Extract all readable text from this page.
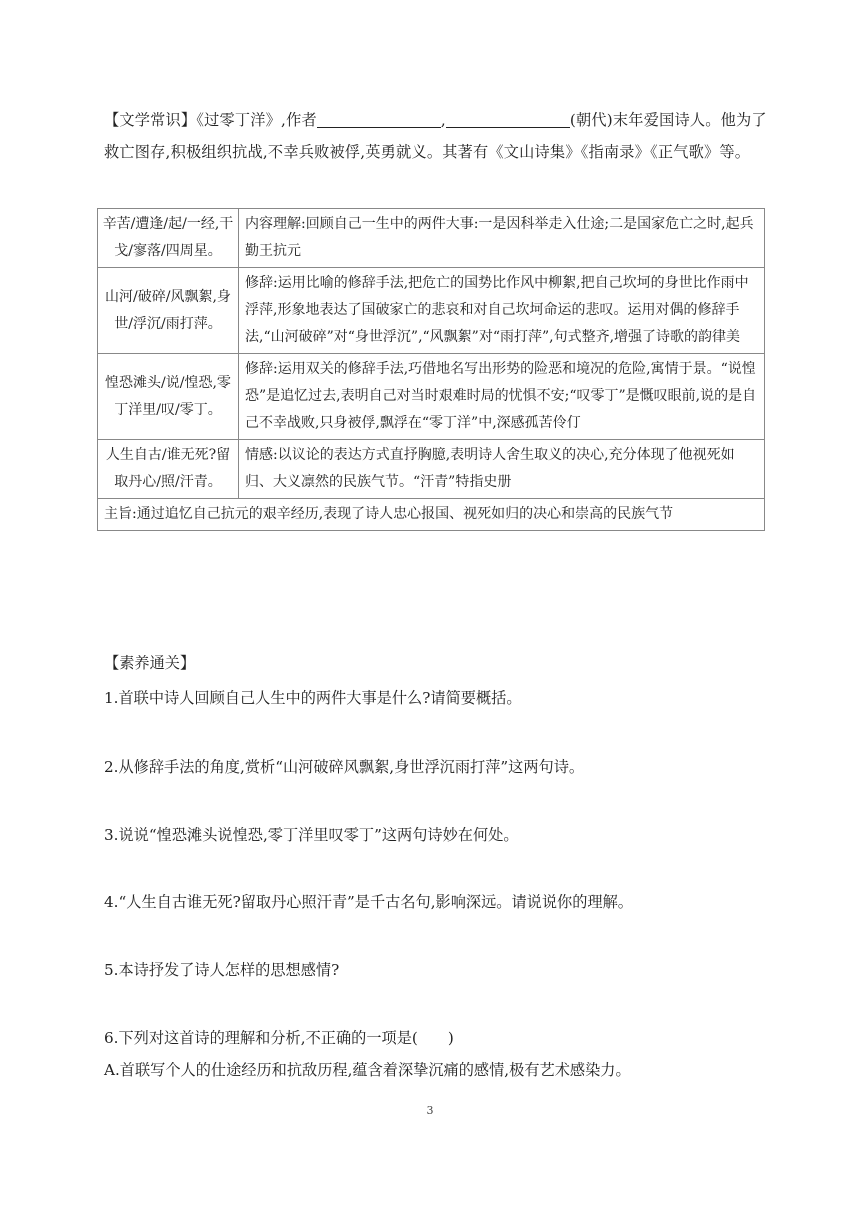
【文学常识】《过零丁洋》,作者	,	(朝代)末年爱国诗人。他为了救亡图存,积极组织抗战,不幸兵败被俘,英勇就义。其著有《文山诗集》《指南录》《正气歌》等。
辛苦/遭逢/起/一经,干戈/寥落/四周星。	内容理解:回顾自己一生中的两件大事:一是因科举走入仕途;二是国家危亡之时,起兵勤王抗元
山河/破碎/风飘絮,身世/浮沉/雨打萍。	修辞:运用比喻的修辞手法,把危亡的国势比作风中柳絮,把自己坎坷的身世比作雨中浮萍,形象地表达了国破家亡的悲哀和对自己坎坷命运的悲叹。运用对偶的修辞手法,“山河破碎”对“身世浮沉”,“风飘絮”对“雨打萍”,句式整齐,增强了诗歌的韵律美
惶恐滩头/说/惶恐,零丁洋里/叹/零丁。	修辞:运用双关的修辞手法,巧借地名写出形势的险恶和境况的危险,寓情于景。“说惶恐”是追忆过去,表明自己对当时艰难时局的忧惧不安;“叹零丁”是慨叹眼前,说的是自己不幸战败,只身被俘,飘浮在“零丁洋”中,深感孤苦伶仃
人生自古/谁无死?留取丹心/照/汗青。	情感:以议论的表达方式直抒胸臆,表明诗人舍生取义的决心,充分体现了他视死如归、大义凛然的民族气节。“汗青”特指史册
主旨:通过追忆自己抗元的艰辛经历,表现了诗人忠心报国、视死如归的决心和崇高的民族气节	
【素养通关】
1.首联中诗人回顾自己人生中的两件大事是什么?请简要概括。
2.从修辞手法的角度,赏析“山河破碎风飘絮,身世浮沉雨打萍”这两句诗。
3.说说“惶恐滩头说惶恐,零丁洋里叹零丁”这两句诗妙在何处。
4.“人生自古谁无死?留取丹心照汗青”是千古名句,影响深远。请说说你的理解。
5.本诗抒发了诗人怎样的思想感情?
6.下列对这首诗的理解和分析,不正确的一项是( )
A.首联写个人的仕途经历和抗敌历程,蕴含着深挚沉痛的感情,极有艺术感染力。
3
